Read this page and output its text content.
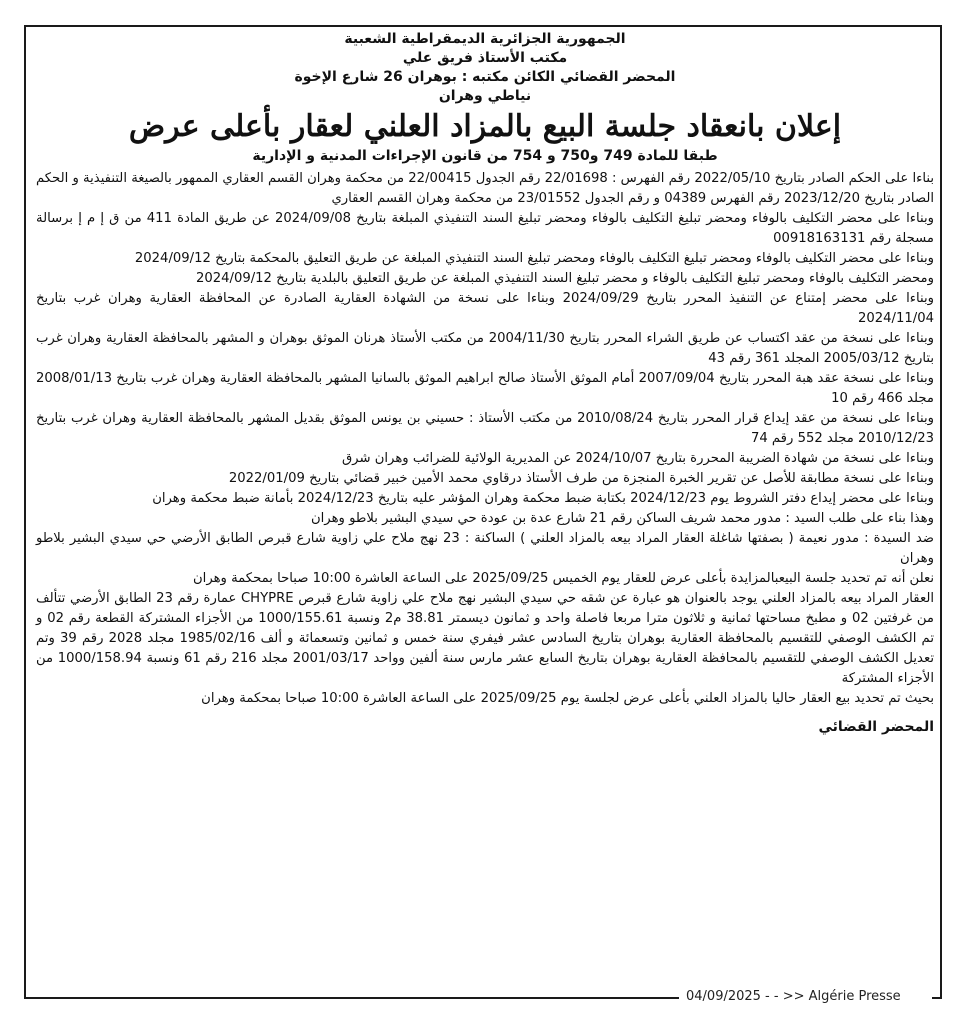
الجمهورية الجزائرية الديمقراطية الشعبية

مكتب الأستاذ فريق علي

المحضر القضائي الكائن مكتبه : بوهران 26 شارع الإخوة

نياطي وهران

إعلان بانعقاد جلسة البيع بالمزاد العلني لعقار بأعلى عرض

طبقا للمادة 749 و750 و 754 من قانون الإجراءات المدنية و الإدارية

بناءا على الحكم الصادر بتاريخ 2022/05/10 رقم الفهرس : 22/01698 رقم الجدول 22/00415 من محكمة وهران القسم العقاري الممهور بالصيغة التنفيذية و الحكم الصادر بتاريخ 2023/12/20 رقم الفهرس 04389 و رقم الجدول 23/01552 من محكمة وهران القسم العقاري

وبناءا على محضر التكليف بالوفاء ومحضر تبليغ التكليف بالوفاء ومحضر تبليغ السند التنفيذي المبلغة بتاريخ 2024/09/08 عن طريق المادة 411 من ق إ م إ برسالة مسجلة رقم 00918163131

وبناءا على محضر التكليف بالوفاء ومحضر تبليغ التكليف بالوفاء ومحضر تبليغ السند التنفيذي المبلغة عن طريق التعليق بالمحكمة بتاريخ 2024/09/12

ومحضر التكليف بالوفاء ومحضر تبليغ التكليف بالوفاء و محضر تبليغ السند التنفيذي المبلغة عن طريق التعليق بالبلدية بتاريخ 2024/09/12

وبناءا على محضر إمتناع عن التنفيذ المحرر بتاريخ 2024/09/29 وبناءا على نسخة من الشهادة العقارية الصادرة عن المحافظة العقارية وهران غرب بتاريخ 2024/11/04

وبناءا على نسخة من عقد اكتساب عن طريق الشراء المحرر بتاريخ 2004/11/30 من مكتب الأستاذ هرنان الموثق بوهران و المشهر بالمحافظة العقارية وهران غرب بتاريخ 2005/03/12 المجلد 361 رقم 43

وبناءا على نسخة عقد هبة المحرر بتاريخ 2007/09/04 أمام الموثق الأستاذ صالح ابراهيم الموثق بالسانيا المشهر بالمحافظة العقارية وهران غرب بتاريخ 2008/01/13 مجلد 466 رقم 10

وبناءا على نسخة من عقد إيداع قرار المحرر بتاريخ 2010/08/24 من مكتب الأستاذ : حسيني بن يونس الموثق بقديل المشهر بالمحافظة العقارية وهران غرب بتاريخ 2010/12/23 مجلد 552 رقم 74

وبناءا على نسخة من شهادة الضريبة المحررة بتاريخ 2024/10/07 عن المديرية الولائية للضرائب وهران شرق

وبناءا على نسخة مطابقة للأصل عن تقرير الخبرة المنجزة من طرف الأستاذ درقاوي محمد الأمين خبير قضائي بتاريخ 2022/01/09

وبناءا على محضر إيداع دفتر الشروط يوم 2024/12/23 بكتابة ضبط محكمة وهران المؤشر عليه بتاريخ 2024/12/23 بأمانة ضبط محكمة وهران

وهذا بناء على طلب السيد : مدور محمد شريف الساكن رقم 21 شارع عدة بن عودة حي سيدي البشير بلاطو وهران

ضد السيدة : مدور نعيمة ( بصفتها شاغلة العقار المراد بيعه بالمزاد العلني ) الساكنة : 23 نهج ملاح علي زاوية شارع قبرص الطابق الأرضي حي سيدي البشير بلاطو وهران

نعلن أنه تم تحديد جلسة البيعبالمزايدة بأعلى عرض للعقار يوم الخميس 2025/09/25 على الساعة العاشرة 10:00 صباحا بمحكمة وهران

العقار المراد بيعه بالمزاد العلني يوجد بالعنوان هو عبارة عن شقه حي سيدي البشير نهج ملاح علي زاوية شارع قبرص CHYPRE عمارة رقم 23 الطابق الأرضي تتألف من غرفتين 02 و مطبخ مساحتها ثمانية و ثلاثون مترا مربعا فاصلة واحد و ثمانون ديسمتر 38.81 م2 ونسبة 1000/155.61 من الأجزاء المشتركة القطعة رقم 02 و تم الكشف الوصفي للتقسيم بالمحافظة العقارية بوهران بتاريخ السادس عشر فيفري سنة خمس و ثمانين وتسعمائة و ألف 1985/02/16 مجلد 2028 رقم 39 وتم تعديل الكشف الوصفي للتقسيم بالمحافظة العقارية بوهران بتاريخ السابع عشر مارس سنة ألفين وواحد 2001/03/17 مجلد 216 رقم 61 ونسبة 1000/158.94 من الأجزاء المشتركة

بحيث تم تحديد بيع العقار حاليا بالمزاد العلني بأعلى عرض لجلسة يوم 2025/09/25 على الساعة العاشرة 10:00 صباحا بمحكمة وهران

المحضر القضائي

04/09/2025 - - >> Algérie Presse
